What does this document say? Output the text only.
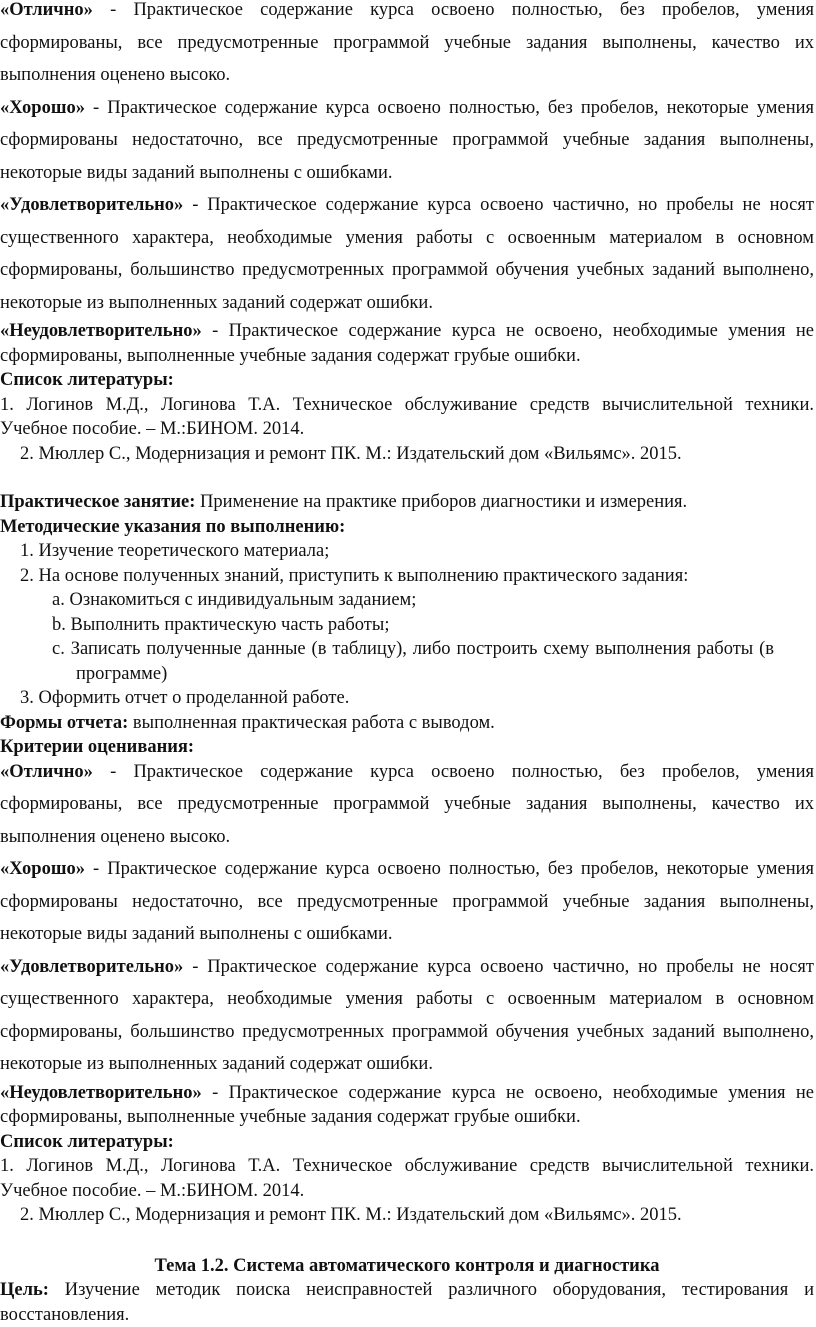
«Отлично» - Практическое содержание курса освоено полностью, без пробелов, умения сформированы, все предусмотренные программой учебные задания выполнены, качество их выполнения оценено высоко.

«Хорошо» - Практическое содержание курса освоено полностью, без пробелов, некоторые умения сформированы недостаточно, все предусмотренные программой учебные задания выполнены, некоторые виды заданий выполнены с ошибками.

«Удовлетворительно» - Практическое содержание курса освоено частично, но пробелы не носят существенного характера, необходимые умения работы с освоенным материалом в основном сформированы, большинство предусмотренных программой обучения учебных заданий выполнено, некоторые из выполненных заданий содержат ошибки.

«Неудовлетворительно» - Практическое содержание курса не освоено, необходимые умения не сформированы, выполненные учебные задания содержат грубые ошибки.

Список литературы:

1. Логинов М.Д., Логинова Т.А. Техническое обслуживание средств вычислительной техники. Учебное пособие. – М.:БИНОМ. 2014.

2. Мюллер С., Модернизация и ремонт ПК. М.: Издательский дом «Вильямс». 2015.

Практическое занятие: Применение на практике приборов диагностики и измерения.

Методические указания по выполнению:

1. Изучение теоретического материала;

2. На основе полученных знаний, приступить к выполнению практического задания:

a. Ознакомиться с индивидуальным заданием;

b. Выполнить практическую часть работы;

c. Записать полученные данные (в таблицу), либо построить схему выполнения работы (в программе)

3. Оформить отчет о проделанной работе.

Формы отчета: выполненная практическая работа с выводом.

Критерии оценивания:

«Отлично» - Практическое содержание курса освоено полностью, без пробелов, умения сформированы, все предусмотренные программой учебные задания выполнены, качество их выполнения оценено высоко.

«Хорошо» - Практическое содержание курса освоено полностью, без пробелов, некоторые умения сформированы недостаточно, все предусмотренные программой учебные задания выполнены, некоторые виды заданий выполнены с ошибками.

«Удовлетворительно» - Практическое содержание курса освоено частично, но пробелы не носят существенного характера, необходимые умения работы с освоенным материалом в основном сформированы, большинство предусмотренных программой обучения учебных заданий выполнено, некоторые из выполненных заданий содержат ошибки.

«Неудовлетворительно» - Практическое содержание курса не освоено, необходимые умения не сформированы, выполненные учебные задания содержат грубые ошибки.

Список литературы:

1. Логинов М.Д., Логинова Т.А. Техническое обслуживание средств вычислительной техники. Учебное пособие. – М.:БИНОМ. 2014.

2. Мюллер С., Модернизация и ремонт ПК. М.: Издательский дом «Вильямс». 2015.

Тема 1.2. Система автоматического контроля и диагностика

Цель: Изучение методик поиска неисправностей различного оборудования, тестирования и восстановления.
